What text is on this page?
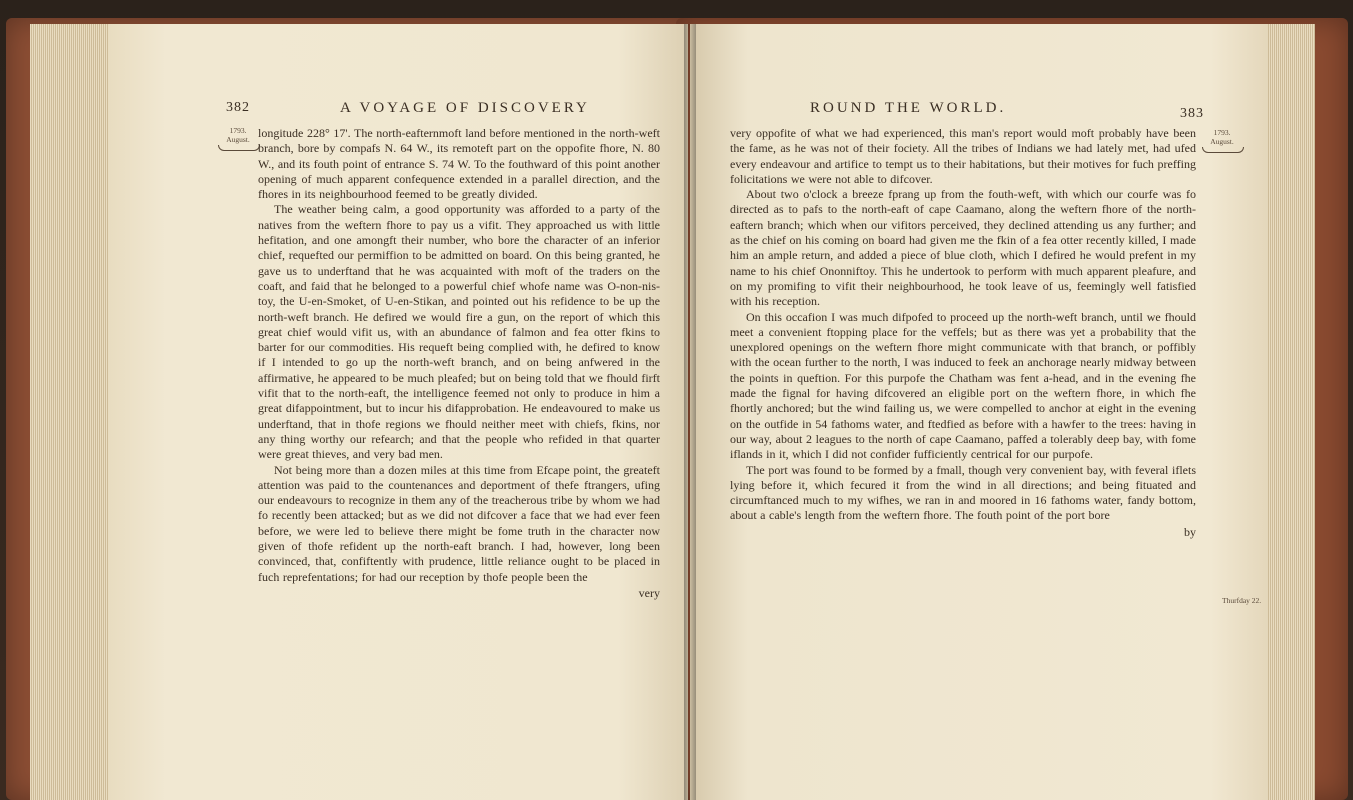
382	A VOYAGE OF DISCOVERY
1793.
August. longitude 228° 17'. The north-eafternmoft land before mentioned in the north-weft branch, bore by compafs N. 64 W., its remoteft part on the oppofite fhore, N. 80 W., and its fouth point of entrance S. 74 W. To the fouthward of this point another opening of much apparent confequence extended in a parallel direction, and the fhores in its neighbourhood feemed to be greatly divided.

The weather being calm, a good opportunity was afforded to a party of the natives from the weftern fhore to pay us a vifit. They approached us with little hefitation, and one amongft their number, who bore the character of an inferior chief, requefted our permiffion to be admitted on board. On this being granted, he gave us to underftand that he was acquainted with moft of the traders on the coaft, and faid that he belonged to a powerful chief whofe name was O-non-nis-toy, the U-en-Smoket, of U-en-Stikan, and pointed out his refidence to be up the north-weft branch. He defired we would fire a gun, on the report of which this great chief would vifit us, with an abundance of falmon and fea otter fkins to barter for our commodities. His requeft being complied with, he defired to know if I intended to go up the north-weft branch, and on being anfwered in the affirmative, he appeared to be much pleafed; but on being told that we fhould firft vifit that to the north-eaft, the intelligence feemed not only to produce in him a great difappointment, but to incur his difapprobation. He endeavoured to make us underftand, that in thofe regions we fhould neither meet with chiefs, fkins, nor any thing worthy our refearch; and that the people who refided in that quarter were great thieves, and very bad men.

Not being more than a dozen miles at this time from Efcape point, the greateft attention was paid to the countenances and deportment of thefe ftrangers, ufing our endeavours to recognize in them any of the treacherous tribe by whom we had fo recently been attacked; but as we did not difcover a face that we had ever feen before, we were led to believe there might be fome truth in the character now given of thofe refident up the north-eaft branch. I had, however, long been convinced, that, confiftently with prudence, little reliance ought to be placed in fuch reprefentations; for had our reception by thofe people been the

very

ROUND THE WORLD.	383
1793.
August.
Thurfday 22.

very oppofite of what we had experienced, this man's report would moft probably have been the fame, as he was not of their fociety. All the tribes of Indians we had lately met, had ufed every endeavour and artifice to tempt us to their habitations, but their motives for fuch preffing folicitations we were not able to difcover.

About two o'clock a breeze fprang up from the fouth-weft, with which our courfe was fo directed as to pafs to the north-eaft of cape Caamano, along the weftern fhore of the north-eaftern branch; which when our vifitors perceived, they declined attending us any further; and as the chief on his coming on board had given me the fkin of a fea otter recently killed, I made him an ample return, and added a piece of blue cloth, which I defired he would prefent in my name to his chief Ononniftoy. This he undertook to perform with much apparent pleafure, and on my promifing to vifit their neighbourhood, he took leave of us, feemingly well fatisfied with his reception.

On this occafion I was much difpofed to proceed up the north-weft branch, until we fhould meet a convenient ftopping place for the veffels; but as there was yet a probability that the unexplored openings on the weftern fhore might communicate with that branch, or poffibly with the ocean further to the north, I was induced to feek an anchorage nearly midway between the points in queftion. For this purpofe the Chatham was fent a-head, and in the evening fhe made the fignal for having difcovered an eligible port on the weftern fhore, in which fhe fhortly anchored; but the wind failing us, we were compelled to anchor at eight in the evening on the outfide in 54 fathoms water, and ftedfied as before with a hawfer to the trees: having in our way, about 2 leagues to the north of cape Caamano, paffed a tolerably deep bay, with fome iflands in it, which I did not confider fufficiently centrical for our purpofe.

The port was found to be formed by a fmall, though very convenient bay, with feveral iflets lying before it, which fecured it from the wind in all directions; and being fituated and circumftanced much to my wifhes, we ran in and moored in 16 fathoms water, fandy bottom, about a cable's length from the weftern fhore. The fouth point of the port bore

by
